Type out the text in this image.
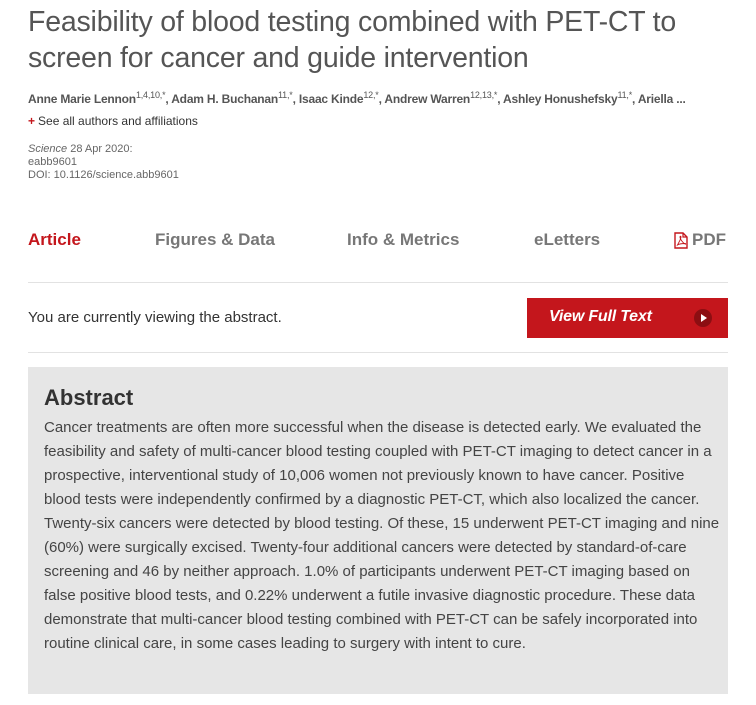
Feasibility of blood testing combined with PET-CT to screen for cancer and guide intervention
Anne Marie Lennon$^{1,4,10,*}$, Adam H. Buchanan$^{11,*}$, Isaac Kinde$^{12,*}$, Andrew Warren$^{12,13,*}$, Ashley Honushefsky$^{11,*}$, Ariella ...
+ See all authors and affiliations
Science 28 Apr 2020:
eabb9601
DOI: 10.1126/science.abb9601
Article	Figures & Data	Info & Metrics	eLetters	PDF
You are currently viewing the abstract.	View Full Text
Abstract

Cancer treatments are often more successful when the disease is detected early. We evaluated the feasibility and safety of multi-cancer blood testing coupled with PET-CT imaging to detect cancer in a prospective, interventional study of 10,006 women not previously known to have cancer. Positive blood tests were independently confirmed by a diagnostic PET-CT, which also localized the cancer. Twenty-six cancers were detected by blood testing. Of these, 15 underwent PET-CT imaging and nine (60%) were surgically excised. Twenty-four additional cancers were detected by standard-of-care screening and 46 by neither approach. 1.0% of participants underwent PET-CT imaging based on false positive blood tests, and 0.22% underwent a futile invasive diagnostic procedure. These data demonstrate that multi-cancer blood testing combined with PET-CT can be safely incorporated into routine clinical care, in some cases leading to surgery with intent to cure.
